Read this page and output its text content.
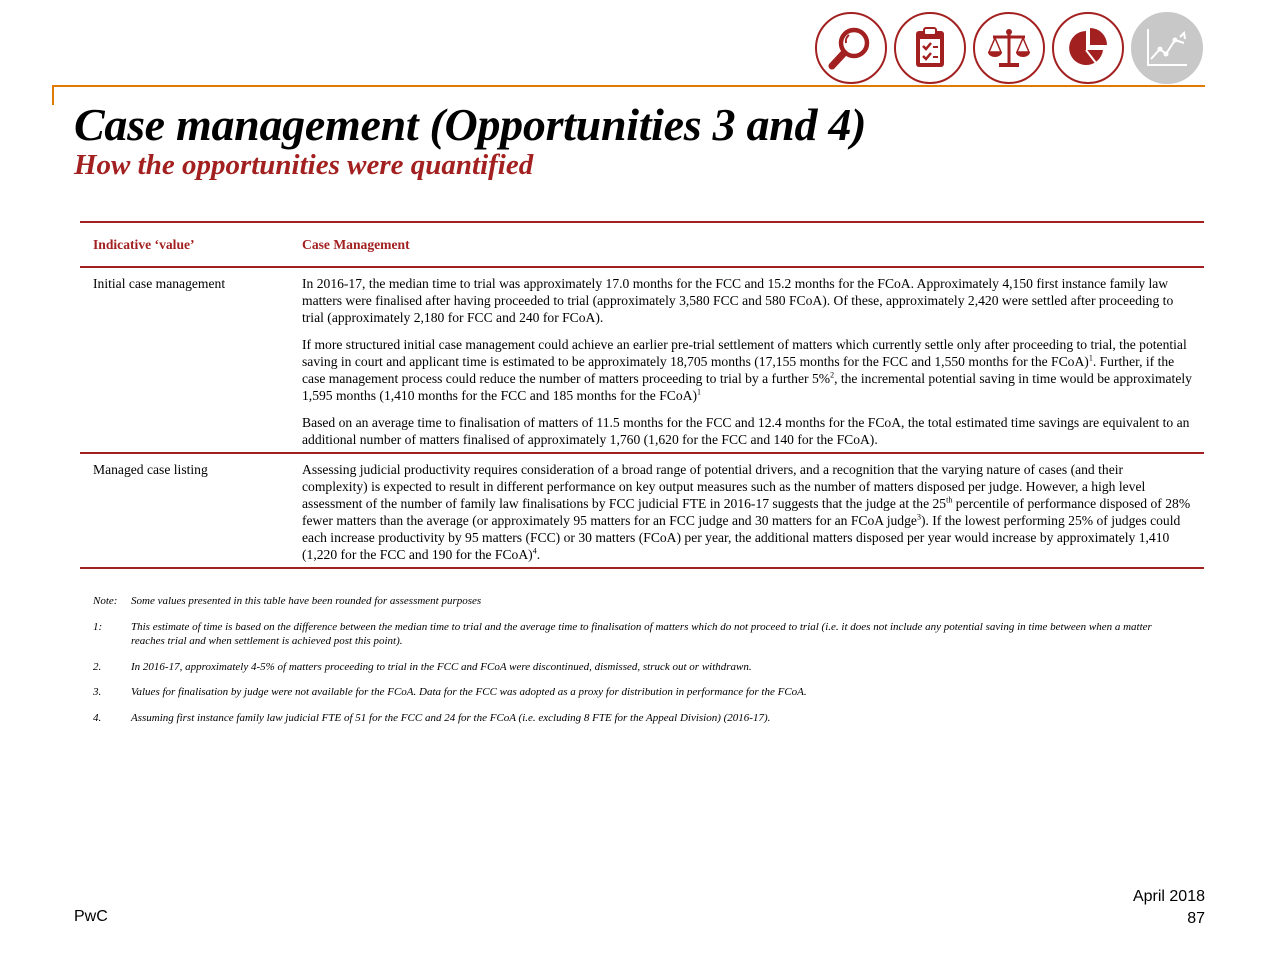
Case management (Opportunities 3 and 4)
How the opportunities were quantified
Indicative ‘value’	Case Management
Initial case management	In 2016-17, the median time to trial was approximately 17.0 months for the FCC and 15.2 months for the FCoA. Approximately 4,150 first instance family law matters were finalised after having proceeded to trial (approximately 3,580 FCC and 580 FCoA). Of these, approximately 2,420 were settled after proceeding to trial (approximately 2,180 for FCC and 240 for FCoA).

If more structured initial case management could achieve an earlier pre-trial settlement of matters which currently settle only after proceeding to trial, the potential saving in court and applicant time is estimated to be approximately 18,705 months (17,155 months for the FCC and 1,550 months for the FCoA)$^1$. Further, if the case management process could reduce the number of matters proceeding to trial by a further 5%$^2$, the incremental potential saving in time would be approximately 1,595 months (1,410 months for the FCC and 185 months for the FCoA)$^1$

Based on an average time to finalisation of matters of 11.5 months for the FCC and 12.4 months for the FCoA, the total estimated time savings are equivalent to an additional number of matters finalised of approximately 1,760 (1,620 for the FCC and 140 for the FCoA).

Managed case listing	Assessing judicial productivity requires consideration of a broad range of potential drivers, and a recognition that the varying nature of cases (and their complexity) is expected to result in different performance on key output measures such as the number of matters disposed per judge. However, a high level assessment of the number of family law finalisations by FCC judicial FTE in 2016-17 suggests that the judge at the 25th percentile of performance disposed of 28% fewer matters than the average (or approximately 95 matters for an FCC judge and 30 matters for an FCoA judge$^3$). If the lowest performing 25% of judges could each increase productivity by 95 matters (FCC) or 30 matters (FCoA) per year, the additional matters disposed per year would increase by approximately 1,410 (1,220 for the FCC and 190 for the FCoA)$^4$.

Note:	Some values presented in this table have been rounded for assessment purposes
1:	This estimate of time is based on the difference between the median time to trial and the average time to finalisation of matters which do not proceed to trial (i.e. it does not include any potential saving in time between when a matter reaches trial and when settlement is achieved post this point).
2.	In 2016-17, approximately 4-5% of matters proceeding to trial in the FCC and FCoA were discontinued, dismissed, struck out or withdrawn.
3.	Values for finalisation by judge were not available for the FCoA. Data for the FCC was adopted as a proxy for distribution in performance for the FCoA.
4.	Assuming first instance family law judicial FTE of 51 for the FCC and 24 for the FCoA (i.e. excluding 8 FTE for the Appeal Division) (2016-17).
PwC
April 2018
87
